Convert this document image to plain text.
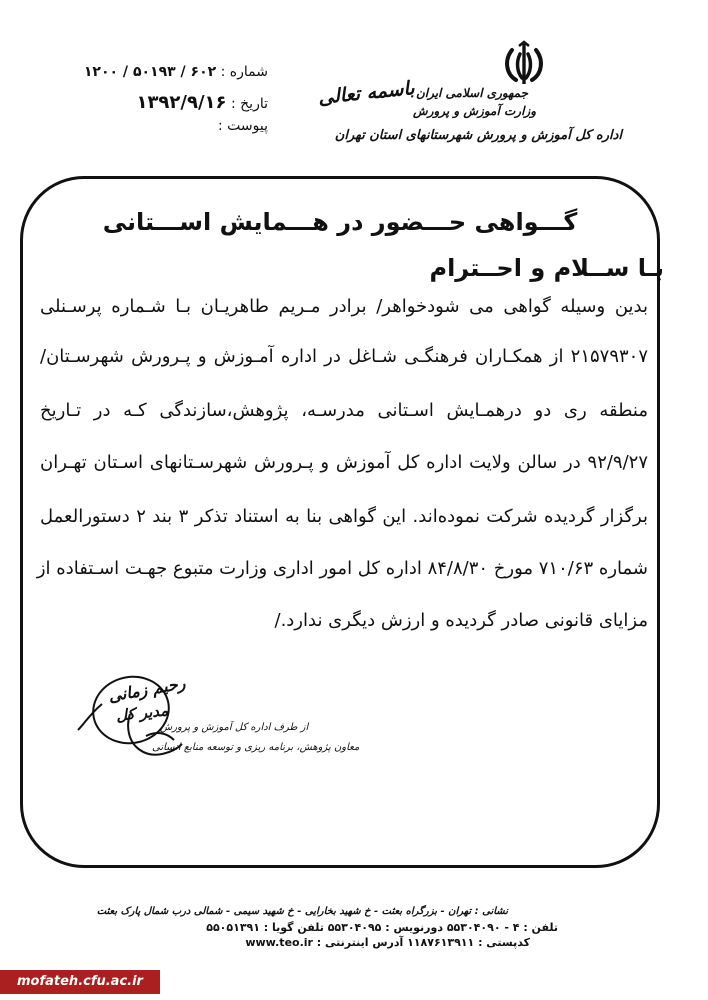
شماره : ۶۰۲ / ۵۰۱۹۳ / ۱۲۰۰
تاریخ : ۱۳۹۲/۹/۱۶
پیوست :
باسمه تعالی جمهوری اسلامی ایران
وزارت آموزش و پرورش
اداره کل آموزش و پرورش شهرستانهای استان تهران
گـــواهی حـــضور در هـــمایش اســـتانی
بـا ســلام و احــترام
بدین وسیله گواهی می شودخواهر/ برادر مـریم طاهریـان بـا شـماره پرسـنلی
۲۱۵۷۹۳۰۷ از همکـاران فرهنگـی شـاغل در اداره آمـوزش و پـرورش شهرسـتان/
منطقه ری دو درهمـایش اسـتانی مدرسـه، پژوهش،سازندگی کـه در تـاریخ
۹۲/۹/۲۷ در سالن ولایت اداره کل آموزش و پـرورش شهرسـتانهای اسـتان تهـران
برگزار گردیده شرکت نموده‌اند. این گواهی بنا به استناد تذکر ۳ بند ۲ دستورالعمل
شماره ۷۱۰/۶۳ مورخ ۸۴/۸/۳۰ اداره کل امور اداری وزارت متبوع جهـت اسـتفاده از
مزایای قانونی صادر گردیده و ارزش دیگری ندارد./
رحیم زمانی
مدیر کل
از طرف اداره کل آموزش و پرورش
معاون پژوهش، برنامه ریزی و توسعه منابع انسانی
نشانی : تهران - بزرگراه بعثت - خ شهید بخارایی - خ شهید سیمی - شمالی درب شمال پارک بعثت
تلفن : ۴ - ۵۵۳۰۴۰۹۰ دورنویس : ۵۵۳۰۴۰۹۵ تلفن گویا : ۵۵۰۵۱۳۹۱
کدپستی : ۱۱۸۷۶۱۳۹۱۱ آدرس اینترنتی : www.teo.ir
mofateh.cfu.ac.ir
